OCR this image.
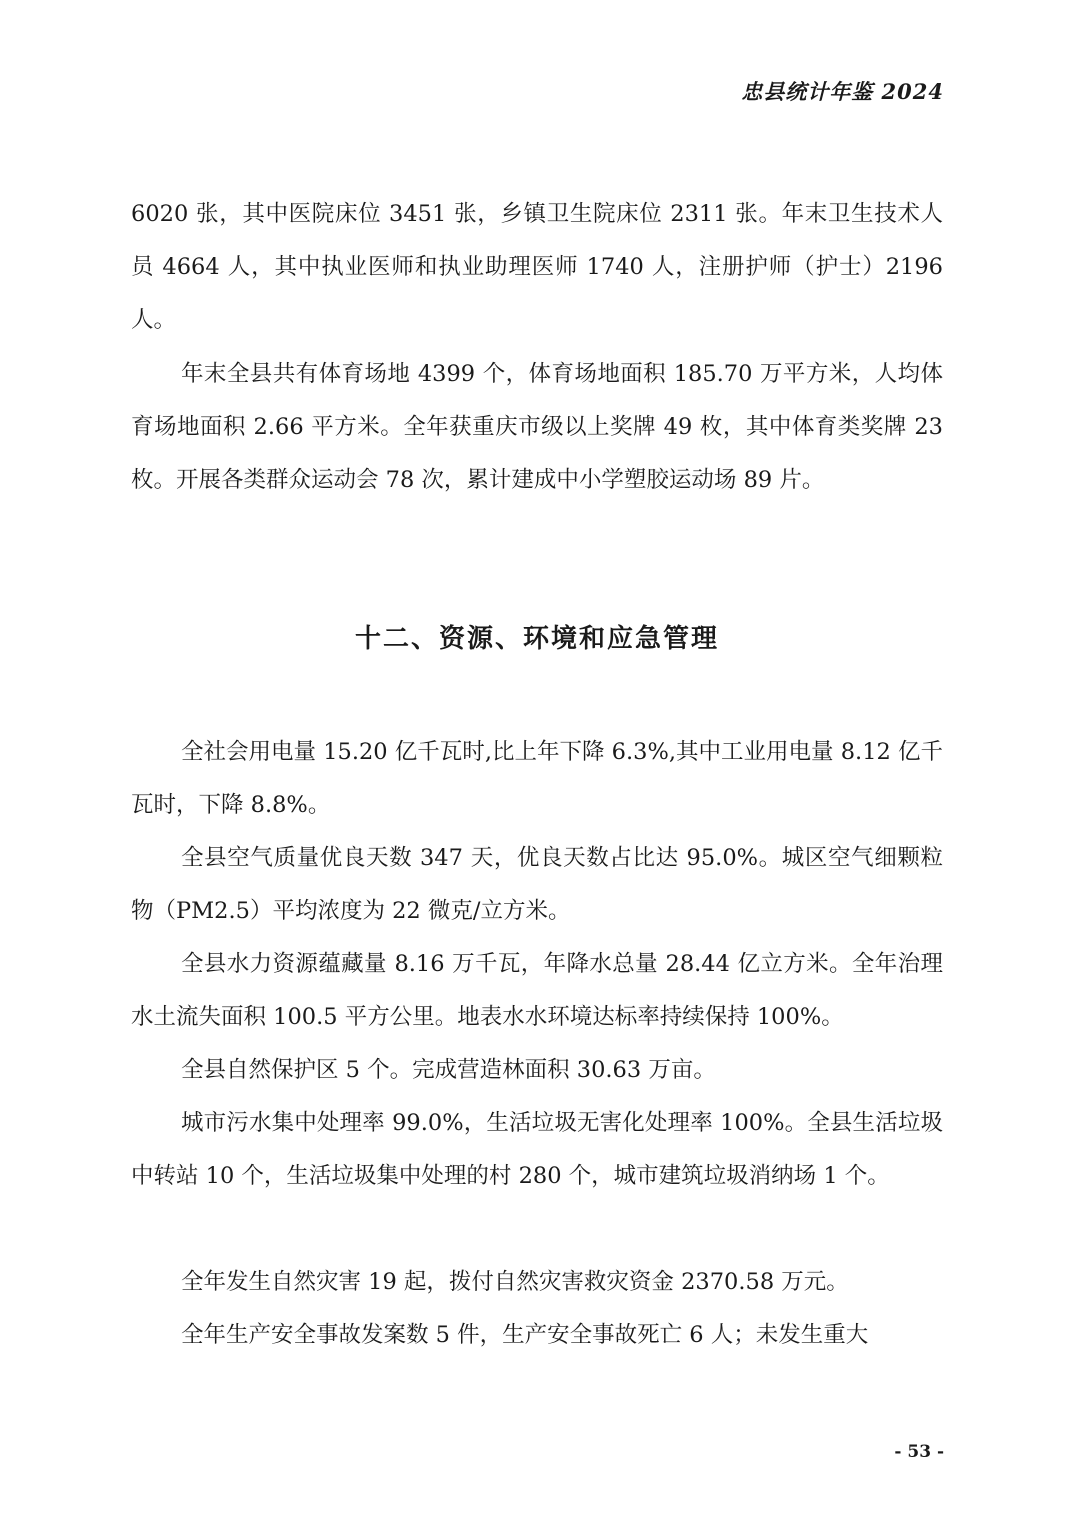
忠县统计年鉴 2024

6020 张，其中医院床位 3451 张，乡镇卫生院床位 2311 张。年末卫生技术人员 4664 人，其中执业医师和执业助理医师 1740 人，注册护师（护士）2196 人。

年末全县共有体育场地 4399 个，体育场地面积 185.70 万平方米，人均体育场地面积 2.66 平方米。全年获重庆市级以上奖牌 49 枚，其中体育类奖牌 23 枚。开展各类群众运动会 78 次，累计建成中小学塑胶运动场 89 片。

十二、资源、环境和应急管理

全社会用电量 15.20 亿千瓦时,比上年下降 6.3%,其中工业用电量 8.12 亿千瓦时，下降 8.8%。

全县空气质量优良天数 347 天，优良天数占比达 95.0%。城区空气细颗粒物（PM2.5）平均浓度为 22 微克/立方米。

全县水力资源蕴藏量 8.16 万千瓦，年降水总量 28.44 亿立方米。全年治理水土流失面积 100.5 平方公里。地表水水环境达标率持续保持 100%。

全县自然保护区 5 个。完成营造林面积 30.63 万亩。

城市污水集中处理率 99.0%，生活垃圾无害化处理率 100%。全县生活垃圾中转站 10 个，生活垃圾集中处理的村 280 个，城市建筑垃圾消纳场 1 个。

全年发生自然灾害 19 起，拨付自然灾害救灾资金 2370.58 万元。

全年生产安全事故发案数 5 件，生产安全事故死亡 6 人；未发生重大

- 53 -
